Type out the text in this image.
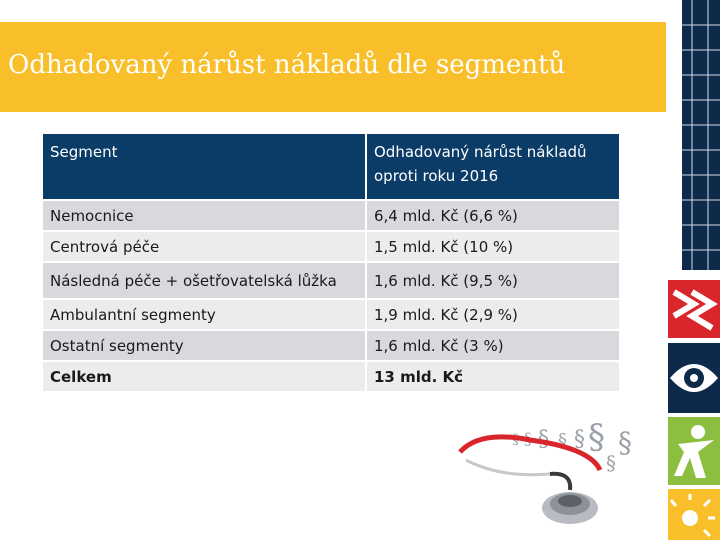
Odhadovaný nárůst nákladů dle segmentů
Segment	Odhadovaný nárůst nákladů oproti roku 2016
Nemocnice	6,4 mld. Kč (6,6 %)
Centrová péče	1,5 mld. Kč (10 %)
Následná péče + ošetřovatelská lůžka	1,6 mld. Kč (9,5 %)
Ambulantní segmenty	1,9 mld. Kč (2,9 %)
Ostatní segmenty	1,6 mld. Kč (3 %)
Celkem	13 mld. Kč
§ § § § § § §
§
